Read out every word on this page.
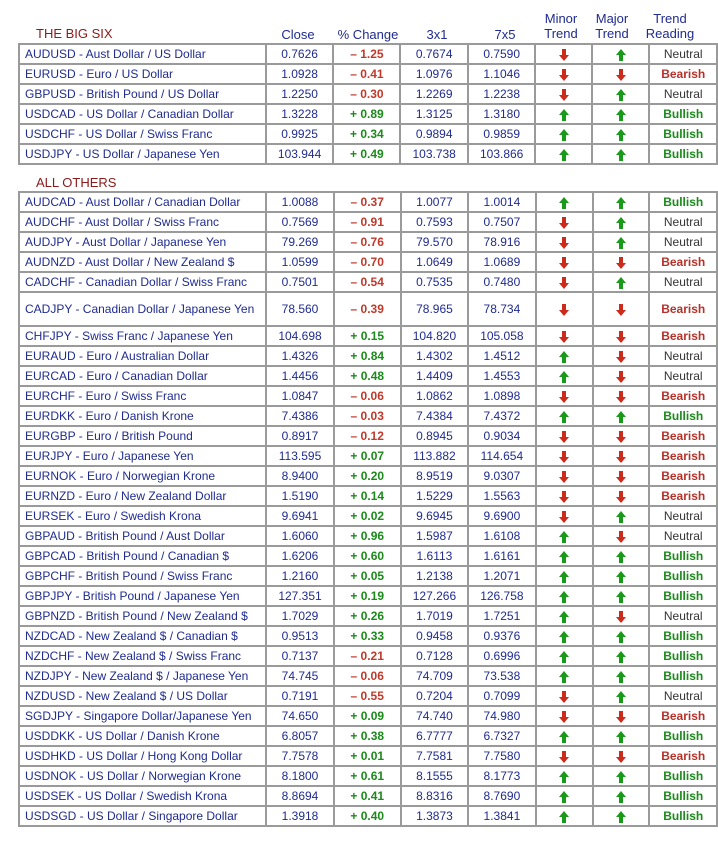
THE BIG SIX	Close	% Change	3x1	7x5
Minor
Trend
Major
Trend
Trend
Reading
AUDUSD - Aust Dollar / US Dollar	0.7626	– 1.25	0.7674	0.7590			Neutral
EURUSD - Euro / US Dollar	1.0928	– 0.41	1.0976	1.1046			Bearish
GBPUSD - British Pound / US Dollar	1.2250	– 0.30	1.2269	1.2238			Neutral
USDCAD - US Dollar / Canadian Dollar	1.3228	+ 0.89	1.3125	1.3180			Bullish
USDCHF - US Dollar / Swiss Franc	0.9925	+ 0.34	0.9894	0.9859			Bullish
USDJPY - US Dollar / Japanese Yen	103.944	+ 0.49	103.738	103.866			Bullish
ALL OTHERS
AUDCAD - Aust Dollar / Canadian Dollar	1.0088	– 0.37	1.0077	1.0014			Bullish
AUDCHF - Aust Dollar / Swiss Franc	0.7569	– 0.91	0.7593	0.7507			Neutral
AUDJPY - Aust Dollar / Japanese Yen	79.269	– 0.76	79.570	78.916			Neutral
AUDNZD - Aust Dollar / New Zealand $	1.0599	– 0.70	1.0649	1.0689			Bearish
CADCHF - Canadian Dollar / Swiss Franc	0.7501	– 0.54	0.7535	0.7480			Neutral
CADJPY - Canadian Dollar / Japanese Yen	78.560	– 0.39	78.965	78.734			Bearish
CHFJPY - Swiss Franc / Japanese Yen	104.698	+ 0.15	104.820	105.058			Bearish
EURAUD - Euro / Australian Dollar	1.4326	+ 0.84	1.4302	1.4512			Neutral
EURCAD - Euro / Canadian Dollar	1.4456	+ 0.48	1.4409	1.4553			Neutral
EURCHF - Euro / Swiss Franc	1.0847	– 0.06	1.0862	1.0898			Bearish
EURDKK - Euro / Danish Krone	7.4386	– 0.03	7.4384	7.4372			Bullish
EURGBP - Euro / British Pound	0.8917	– 0.12	0.8945	0.9034			Bearish
EURJPY - Euro / Japanese Yen	113.595	+ 0.07	113.882	114.654			Bearish
EURNOK - Euro / Norwegian Krone	8.9400	+ 0.20	8.9519	9.0307			Bearish
EURNZD - Euro / New Zealand Dollar	1.5190	+ 0.14	1.5229	1.5563			Bearish
EURSEK - Euro / Swedish Krona	9.6941	+ 0.02	9.6945	9.6900			Neutral
GBPAUD - British Pound / Aust Dollar	1.6060	+ 0.96	1.5987	1.6108			Neutral
GBPCAD - British Pound / Canadian $	1.6206	+ 0.60	1.6113	1.6161			Bullish
GBPCHF - British Pound / Swiss Franc	1.2160	+ 0.05	1.2138	1.2071			Bullish
GBPJPY - British Pound / Japanese Yen	127.351	+ 0.19	127.266	126.758			Bullish
GBPNZD - British Pound / New Zealand $	1.7029	+ 0.26	1.7019	1.7251			Neutral
NZDCAD - New Zealand $ / Canadian $	0.9513	+ 0.33	0.9458	0.9376			Bullish
NZDCHF - New Zealand $ / Swiss Franc	0.7137	– 0.21	0.7128	0.6996			Bullish
NZDJPY - New Zealand $ / Japanese Yen	74.745	– 0.06	74.709	73.538			Bullish
NZDUSD - New Zealand $ / US Dollar	0.7191	– 0.55	0.7204	0.7099			Neutral
SGDJPY - Singapore Dollar/Japanese Yen	74.650	+ 0.09	74.740	74.980			Bearish
USDDKK - US Dollar / Danish Krone	6.8057	+ 0.38	6.7777	6.7327			Bullish
USDHKD - US Dollar / Hong Kong Dollar	7.7578	+ 0.01	7.7581	7.7580			Bearish
USDNOK - US Dollar / Norwegian Krone	8.1800	+ 0.61	8.1555	8.1773			Bullish
USDSEK - US Dollar / Swedish Krona	8.8694	+ 0.41	8.8316	8.7690			Bullish
USDSGD - US Dollar / Singapore Dollar	1.3918	+ 0.40	1.3873	1.3841			Bullish
